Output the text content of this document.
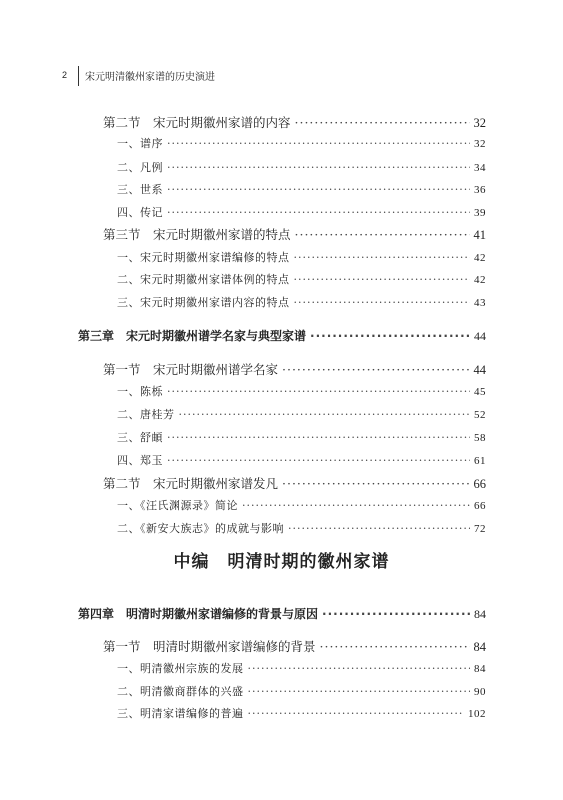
2	宋元明清徽州家谱的历史演进
第二节　宋元时期徽州家谱的内容 ·····	32
一、谱序 ·····	32
二、凡例 ·····	34
三、世系 ·····	36
四、传记 ·····	39
第三节　宋元时期徽州家谱的特点 ·····	41
一、宋元时期徽州家谱编修的特点 ·····	42
二、宋元时期徽州家谱体例的特点 ·····	42
三、宋元时期徽州家谱内容的特点 ·····	43
第三章　宋元时期徽州谱学名家与典型家谱 ·····	44
第一节　宋元时期徽州谱学名家 ·····	44
一、陈栎 ·····	45
二、唐桂芳 ·····	52
三、舒頔 ·····	58
四、郑玉 ·····	61
第二节　宋元时期徽州家谱发凡 ·····	66
一、《汪氏渊源录》简论 ·····	66
二、《新安大族志》的成就与影响 ·····	72
第四章　明清时期徽州家谱编修的背景与原因 ·····	84
第一节　明清时期徽州家谱编修的背景 ·····	84
一、明清徽州宗族的发展 ·····	84
二、明清徽商群体的兴盛 ·····	90
三、明清家谱编修的普遍 ·····	102
中编 明清时期的徽州家谱
